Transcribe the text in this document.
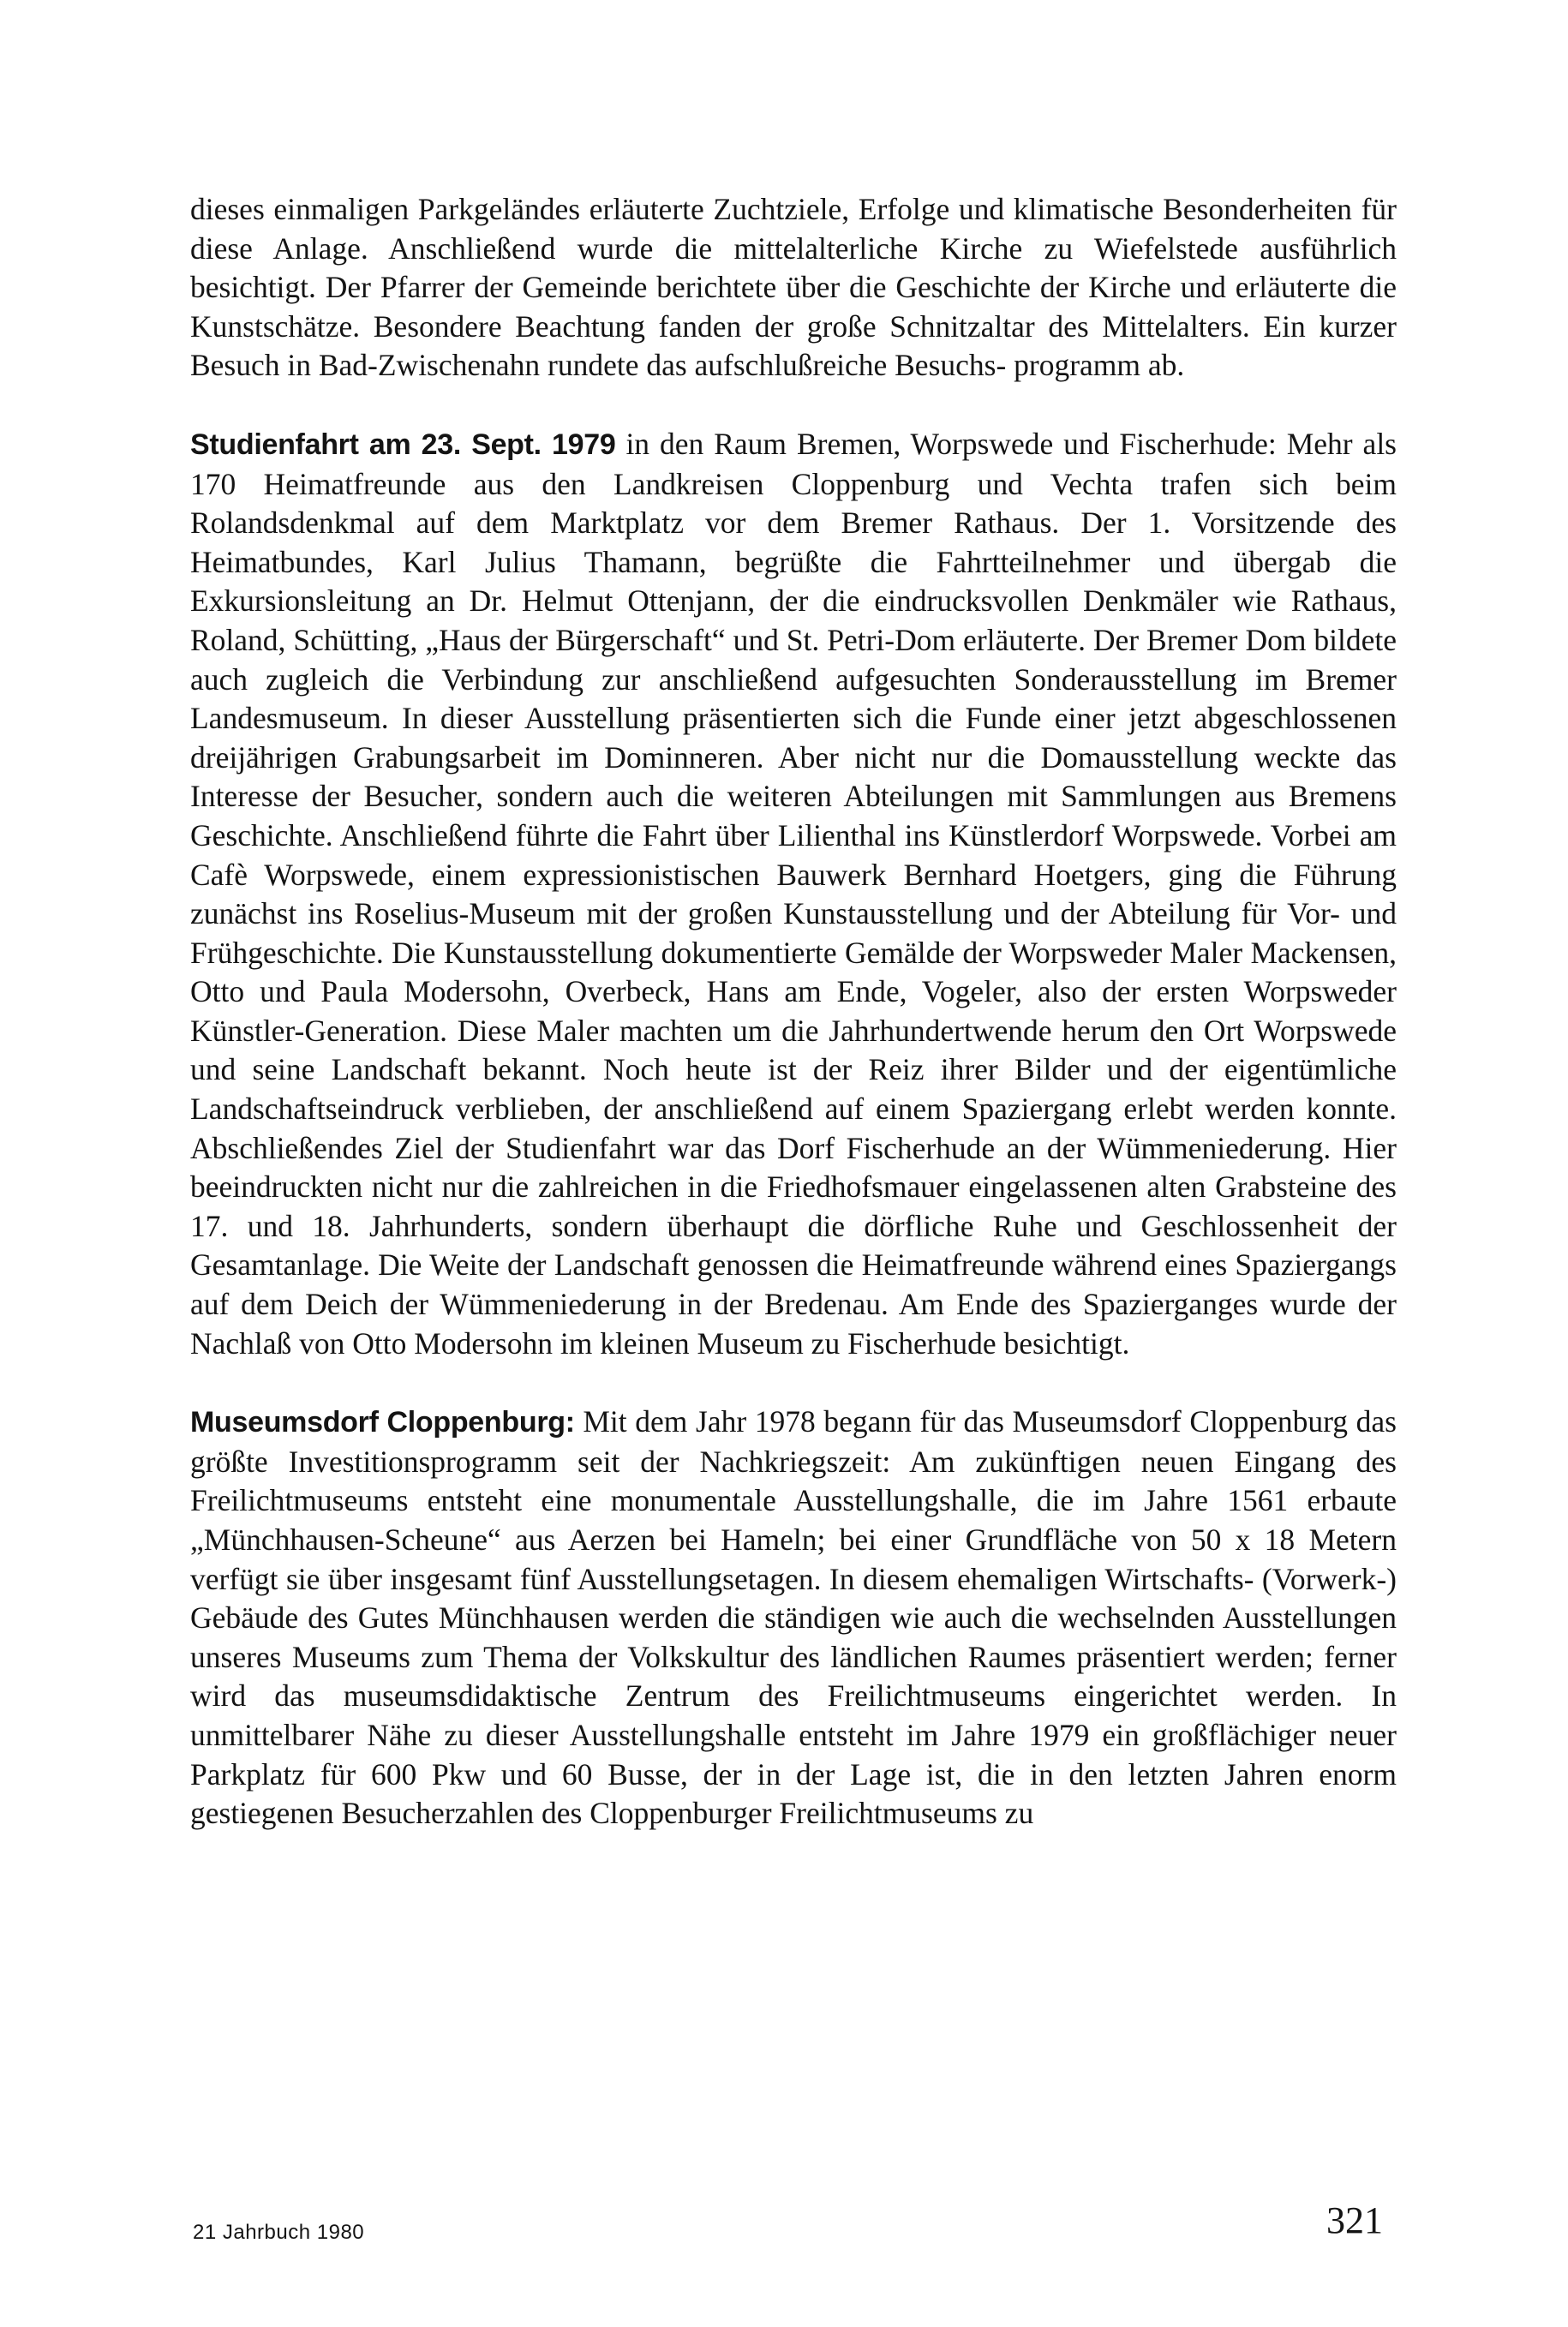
dieses einmaligen Parkgeländes erläuterte Zuchtziele, Erfolge und klimatische Besonderheiten für diese Anlage. Anschließend wurde die mittelalterliche Kirche zu Wiefelstede ausführlich besichtigt. Der Pfarrer der Gemeinde berichtete über die Geschichte der Kirche und erläuterte die Kunstschätze. Besondere Beachtung fanden der große Schnitzaltar des Mittelalters. Ein kurzer Besuch in Bad-Zwischenahn rundete das aufschlußreiche Besuchs- programm ab.

Studienfahrt am 23. Sept. 1979 in den Raum Bremen, Worpswede und Fischerhude: Mehr als 170 Heimatfreunde aus den Landkreisen Cloppenburg und Vechta trafen sich beim Rolandsdenkmal auf dem Marktplatz vor dem Bremer Rathaus. Der 1. Vorsitzende des Heimatbundes, Karl Julius Thamann, begrüßte die Fahrtteilnehmer und übergab die Exkursionsleitung an Dr. Helmut Ottenjann, der die eindrucksvollen Denkmäler wie Rathaus, Roland, Schütting, „Haus der Bürgerschaft“ und St. Petri-Dom erläuterte. Der Bremer Dom bildete auch zugleich die Verbindung zur anschließend aufgesuchten Sonderausstellung im Bremer Landesmuseum. In dieser Ausstellung präsentierten sich die Funde einer jetzt abgeschlossenen dreijährigen Grabungsarbeit im Dominneren. Aber nicht nur die Domausstellung weckte das Interesse der Besucher, sondern auch die weiteren Abteilungen mit Sammlungen aus Bremens Geschichte. Anschließend führte die Fahrt über Lilienthal ins Künstlerdorf Worpswede. Vorbei am Cafè Worpswede, einem expressionistischen Bauwerk Bernhard Hoetgers, ging die Führung zunächst ins Roselius-Museum mit der großen Kunstausstellung und der Abteilung für Vor- und Frühgeschichte. Die Kunstausstellung dokumentierte Gemälde der Worpsweder Maler Mackensen, Otto und Paula Modersohn, Overbeck, Hans am Ende, Vogeler, also der ersten Worpsweder Künstler-Generation. Diese Maler machten um die Jahrhundertwende herum den Ort Worpswede und seine Landschaft bekannt. Noch heute ist der Reiz ihrer Bilder und der eigentümliche Landschaftseindruck verblieben, der anschließend auf einem Spaziergang erlebt werden konnte. Abschließendes Ziel der Studienfahrt war das Dorf Fischerhude an der Wümmeniederung. Hier beeindruckten nicht nur die zahlreichen in die Friedhofsmauer eingelassenen alten Grabsteine des 17. und 18. Jahrhunderts, sondern überhaupt die dörfliche Ruhe und Geschlossenheit der Gesamtanlage. Die Weite der Landschaft genossen die Heimatfreunde während eines Spaziergangs auf dem Deich der Wümmeniederung in der Bredenau. Am Ende des Spazierganges wurde der Nachlaß von Otto Modersohn im kleinen Museum zu Fischerhude besichtigt.

Museumsdorf Cloppenburg: Mit dem Jahr 1978 begann für das Museumsdorf Cloppenburg das größte Investitionsprogramm seit der Nachkriegszeit: Am zukünftigen neuen Eingang des Freilichtmuseums entsteht eine monumentale Ausstellungshalle, die im Jahre 1561 erbaute „Münchhausen-Scheune“ aus Aerzen bei Hameln; bei einer Grundfläche von 50 x 18 Metern verfügt sie über insgesamt fünf Ausstellungsetagen. In diesem ehemaligen Wirtschafts- (Vorwerk-) Gebäude des Gutes Münchhausen werden die ständigen wie auch die wechselnden Ausstellungen unseres Museums zum Thema der Volkskultur des ländlichen Raumes präsentiert werden; ferner wird das museumsdidaktische Zentrum des Freilichtmuseums eingerichtet werden. In unmittelbarer Nähe zu dieser Ausstellungshalle entsteht im Jahre 1979 ein großflächiger neuer Parkplatz für 600 Pkw und 60 Busse, der in der Lage ist, die in den letzten Jahren enorm gestiegenen Besucherzahlen des Cloppenburger Freilichtmuseums zu

21 Jahrbuch 1980	321
